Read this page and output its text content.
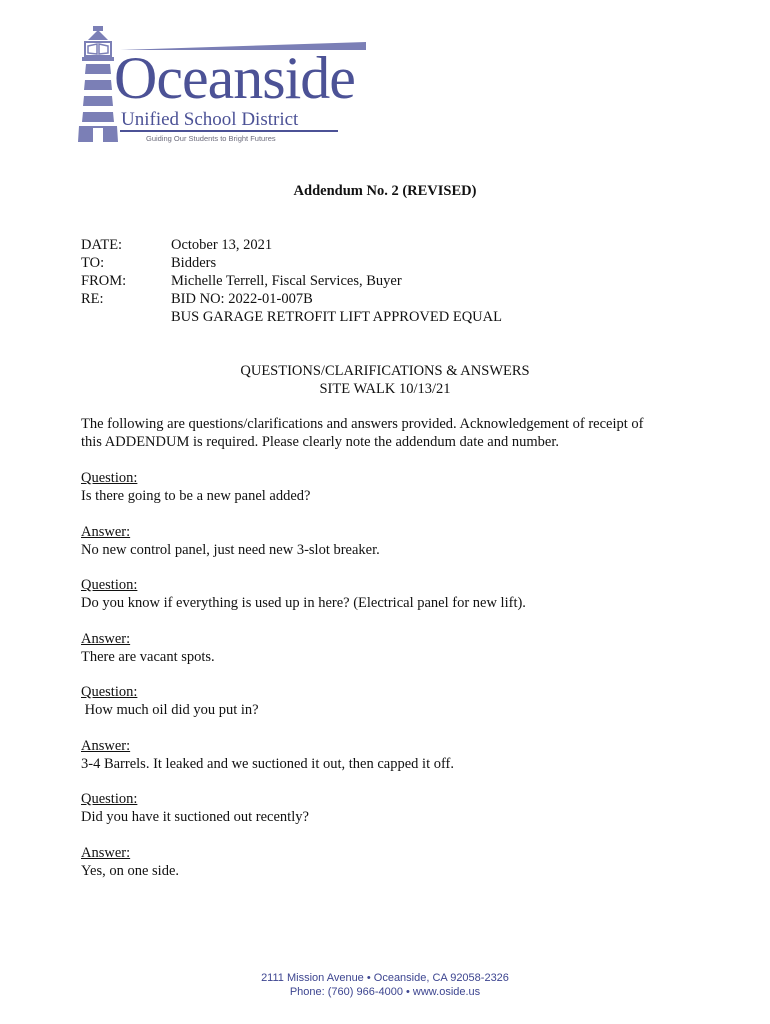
Oceanside
Unified School District
Guiding Our Students to Bright Futures
Addendum No. 2 (REVISED)
DATE:	October 13, 2021
TO:	Bidders
FROM:	Michelle Terrell, Fiscal Services, Buyer
RE:	BID NO: 2022-01-007B
BUS GARAGE RETROFIT LIFT APPROVED EQUAL
QUESTIONS/CLARIFICATIONS & ANSWERS
SITE WALK 10/13/21
The following are questions/clarifications and answers provided. Acknowledgement of receipt of
this ADDENDUM is required. Please clearly note the addendum date and number.
Question:
Is there going to be a new panel added?
Answer:
No new control panel, just need new 3-slot breaker.
Question:
Do you know if everything is used up in here? (Electrical panel for new lift).
Answer:
There are vacant spots.
Question:
How much oil did you put in?
Answer:
3-4 Barrels. It leaked and we suctioned it out, then capped it off.
Question:
Did you have it suctioned out recently?
Answer:
Yes, on one side.
2111 Mission Avenue • Oceanside, CA 92058-2326
Phone: (760) 966-4000 • www.oside.us
